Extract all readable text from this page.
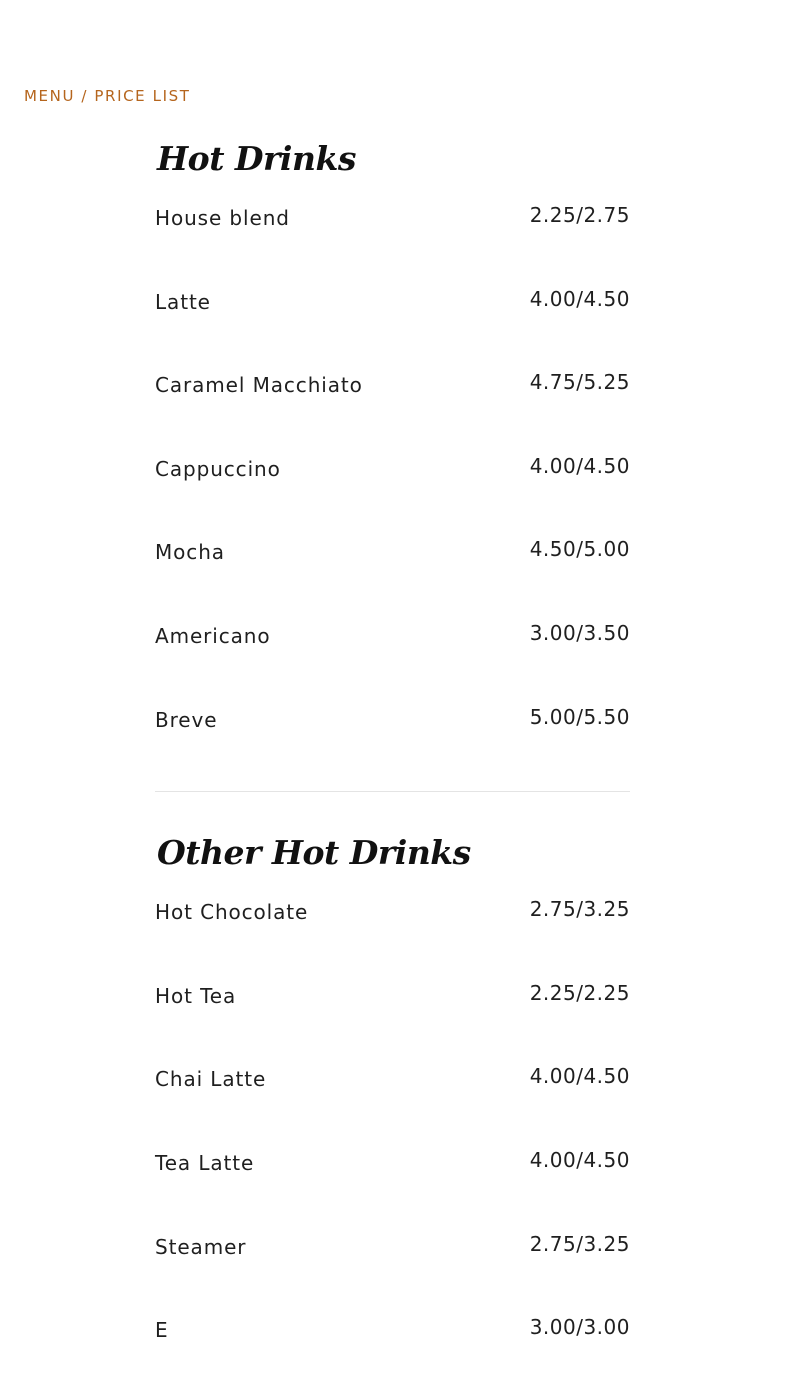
MENU / PRICE LIST
Hot Drinks
House blend	2.25/2.75
Latte	4.00/4.50
Caramel Macchiato	4.75/5.25
Cappuccino	4.00/4.50
Mocha	4.50/5.00
Americano	3.00/3.50
Breve	5.00/5.50
Other Hot Drinks
Hot Chocolate	2.75/3.25
Hot Tea	2.25/2.25
Chai Latte	4.00/4.50
Tea Latte	4.00/4.50
Steamer	2.75/3.25
E	3.00/3.00
